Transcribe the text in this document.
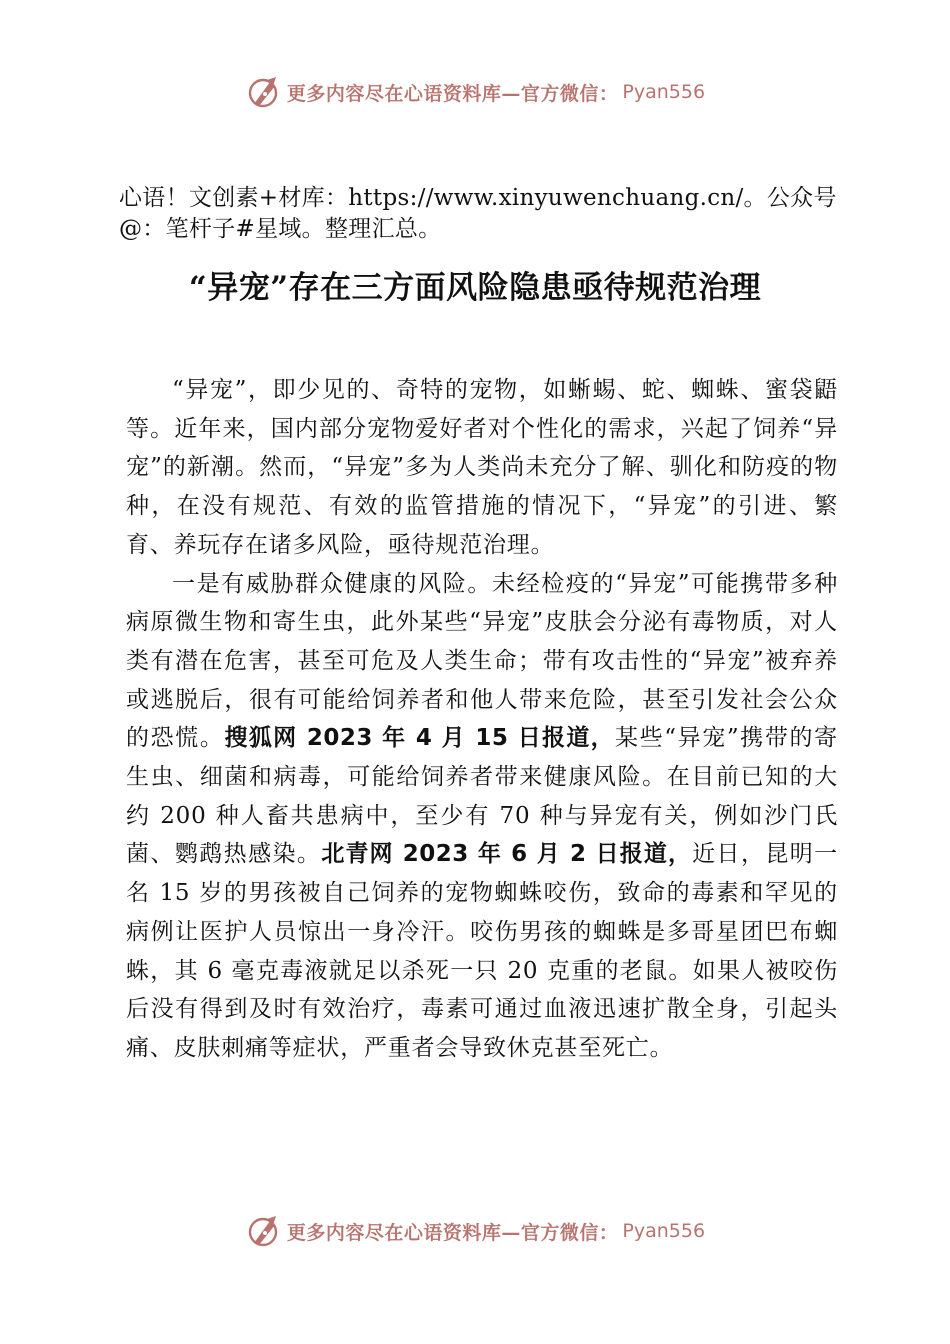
更多内容尽在心语资料库—官方微信： Pyan556
心语！文创素+材库：https://www.xinyuwenchuang.cn/。公众号@：笔杆子#星域。整理汇总。
“异宠”存在三方面风险隐患亟待规范治理

“异宠”，即少见的、奇特的宠物，如蜥蜴、蛇、蜘蛛、蜜袋鼯等。近年来，国内部分宠物爱好者对个性化的需求，兴起了饲养“异宠”的新潮。然而，“异宠”多为人类尚未充分了解、驯化和防疫的物种，在没有规范、有效的监管措施的情况下，“异宠”的引进、繁育、养玩存在诸多风险，亟待规范治理。

一是有威胁群众健康的风险。未经检疫的“异宠”可能携带多种病原微生物和寄生虫，此外某些“异宠”皮肤会分泌有毒物质，对人类有潜在危害，甚至可危及人类生命；带有攻击性的“异宠”被弃养或逃脱后，很有可能给饲养者和他人带来危险，甚至引发社会公众的恐慌。搜狐网 2023 年 4 月 15 日报道，某些“异宠”携带的寄生虫、细菌和病毒，可能给饲养者带来健康风险。在目前已知的大约 200 种人畜共患病中，至少有 70 种与异宠有关，例如沙门氏菌、鹦鹉热感染。北青网 2023 年 6 月 2 日报道，近日，昆明一名 15 岁的男孩被自己饲养的宠物蜘蛛咬伤，致命的毒素和罕见的病例让医护人员惊出一身冷汗。咬伤男孩的蜘蛛是多哥星团巴布蜘蛛，其 6 毫克毒液就足以杀死一只 20 克重的老鼠。如果人被咬伤后没有得到及时有效治疗，毒素可通过血液迅速扩散全身，引起头痛、皮肤刺痛等症状，严重者会导致休克甚至死亡。

更多内容尽在心语资料库—官方微信： Pyan556
